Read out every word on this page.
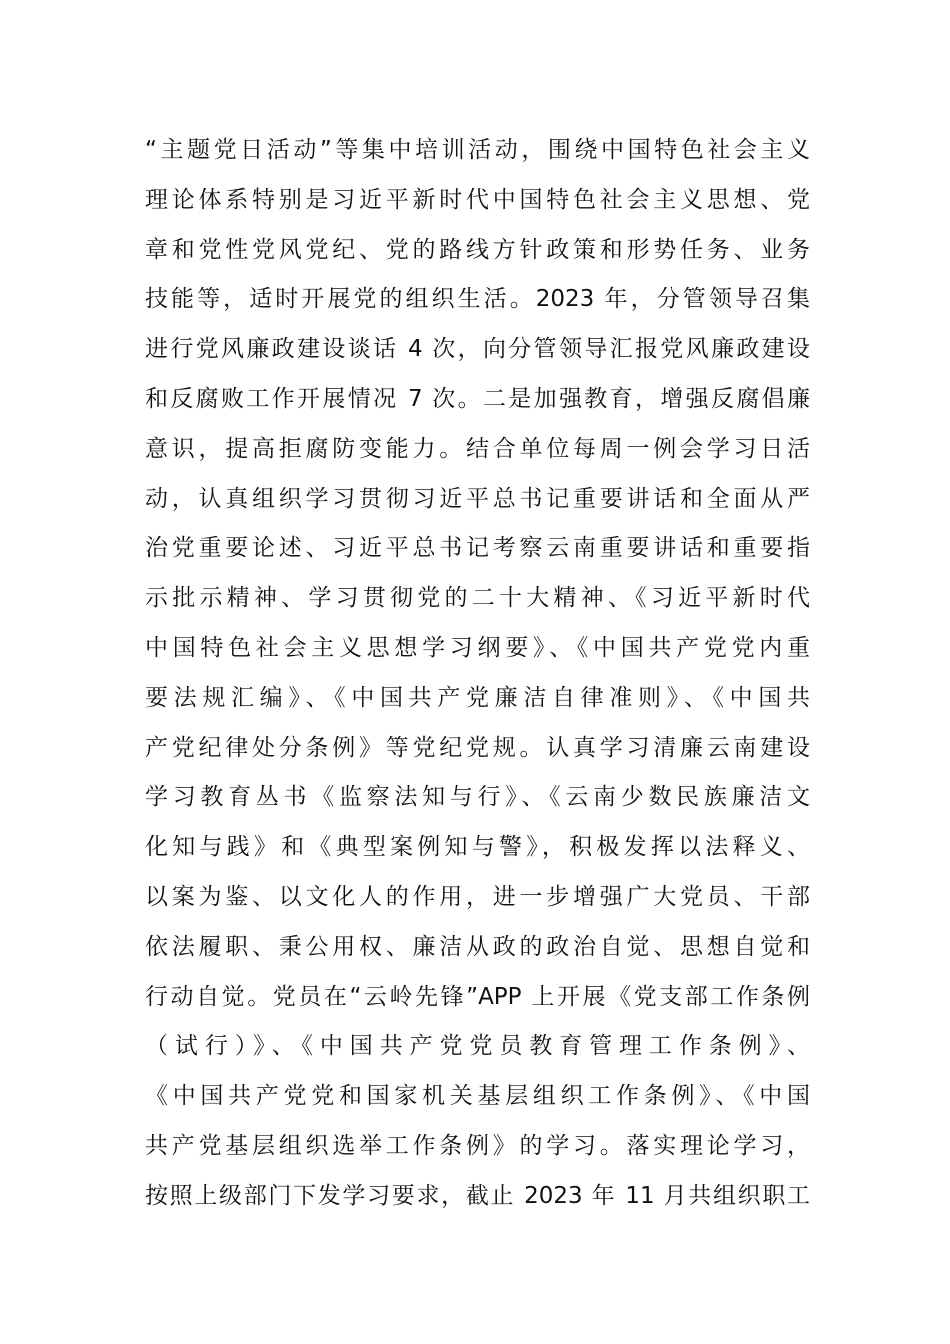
“主题党日活动”等集中培训活动，围绕中国特色社会主义
理论体系特别是习近平新时代中国特色社会主义思想、党
章和党性党风党纪、党的路线方针政策和形势任务、业务
技能等，适时开展党的组织生活。2023 年，分管领导召集
进行党风廉政建设谈话 4 次，向分管领导汇报党风廉政建设
和反腐败工作开展情况 7 次。二是加强教育，增强反腐倡廉
意识，提高拒腐防变能力。结合单位每周一例会学习日活
动，认真组织学习贯彻习近平总书记重要讲话和全面从严
治党重要论述、习近平总书记考察云南重要讲话和重要指
示批示精神、学习贯彻党的二十大精神、《习近平新时代
中国特色社会主义思想学习纲要》、《中国共产党党内重
要法规汇编》、《中国共产党廉洁自律准则》、《中国共
产党纪律处分条例》等党纪党规。认真学习清廉云南建设
学习教育丛书《监察法知与行》、《云南少数民族廉洁文
化知与践》和《典型案例知与警》，积极发挥以法释义、
以案为鉴、以文化人的作用，进一步增强广大党员、干部
依法履职、秉公用权、廉洁从政的政治自觉、思想自觉和
行动自觉。党员在“云岭先锋”APP 上开展《党支部工作条例
（试行）》、《中国共产党党员教育管理工作条例》、
《中国共产党党和国家机关基层组织工作条例》、《中国
共产党基层组织选举工作条例》的学习。落实理论学习，
按照上级部门下发学习要求，截止 2023 年 11 月共组织职工
